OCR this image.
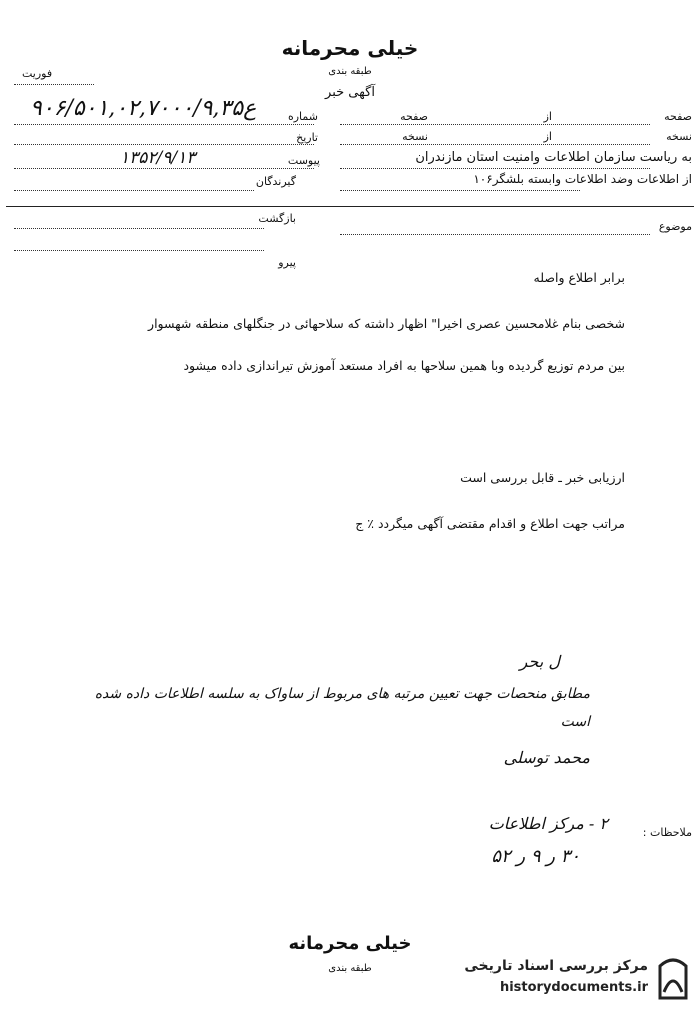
خیلی محرمانه
طبقه بندی
فوریت
آگهی خبر
صفحه
از
صفحه
شماره
نسخه
از
نسخه
تاریخ
۹۰۶/۵۰۱,۰۲,۷۰۰۰/ع۹,۳۵
به ریاست سازمان اطلاعات وامنیت استان مازندران
از اطلاعات وضد اطلاعات وابسته بلشگر۱۰۶
پیوست
۱۳۵۲/۹/۱۳
گیرندگان
بازگشت
موضوع
پیرو
برابر اطلاع واصله
شخصی بنام غلامحسین عصری اخیرا" اظهار داشته که سلاحهائی در جنگلهای منطقه شهسوار
بین مردم توزیع گردیده وبا همین سلاحها به افراد مستعد آموزش تیراندازی داده میشود
ارزیابی خبر ـ قابل بررسی است
مراتب جهت اطلاع و اقدام مقتضی آگهی میگردد ٪ ج
ل بحر
مطابق منحصات جهت تعیین مرتبه های مربوط از ساواک به سلسه اطلاعات داده شده است
محمد توسلی
ملاحظات :
۲ - مرکز اطلاعات
۳۰ ر ۹ ر ۵۲
خیلی محرمانه
طبقه بندی	مرکز بررسی اسناد تاریخی
historydocuments.ir
